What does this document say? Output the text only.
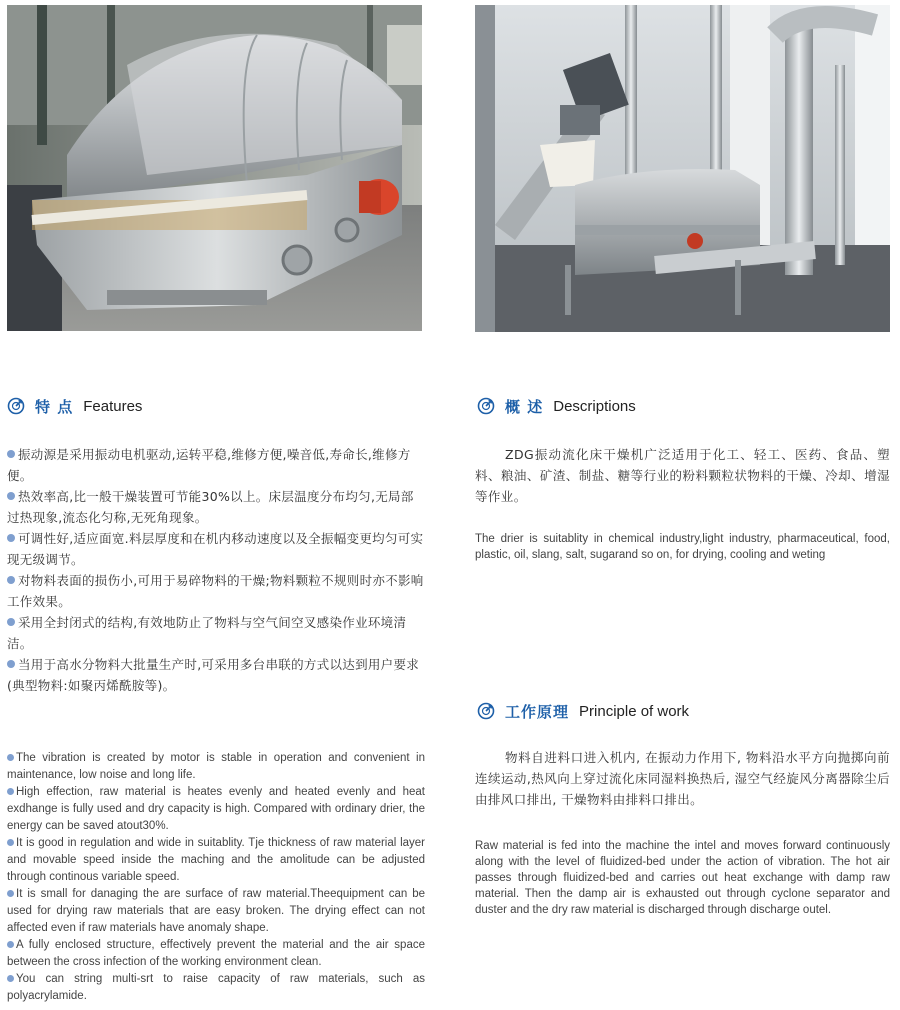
特 点 Features
振动源是采用振动电机驱动,运转平稳,维修方便,噪音低,寿命长,维修方便。
热效率高,比一般干燥装置可节能30%以上。床层温度分布均匀,无局部过热现象,流态化匀称,无死角现象。
可调性好,适应面宽.料层厚度和在机内移动速度以及全振幅变更均匀可实现无级调节。
对物料表面的损伤小,可用于易碎物料的干燥;物料颗粒不规则时亦不影响工作效果。
采用全封闭式的结构,有效地防止了物料与空气间空叉感染作业环境清洁。
当用于高水分物料大批量生产时,可采用多台串联的方式以达到用户要求(典型物料:如聚丙烯酰胺等)。
The vibration is created by motor is stable in operation and convenient in maintenance, low noise and long life.
High effection, raw material is heates evenly and heated evenly and heat exdhange is fully used and dry capacity is high. Compared with ordinary drier, the energy can be saved atout30%.
It is good in regulation and wide in suitablity. Tje thickness of raw material layer and movable speed inside the maching and the amolitude can be adjusted through continous variable speed.
It is small for danaging the are surface of raw material.Theequipment can be used for drying raw materials that are easy broken. The drying effect can not affected even if raw materials have anomaly shape.
A fully enclosed structure, effectively prevent the material and the air space between the cross infection of the working environment clean.
You can string multi-srt to raise capacity of raw materials, such as polyacrylamide.
概 述 Descriptions

ZDG振动流化床干燥机广泛适用于化工、轻工、医药、食品、塑料、粮油、矿渣、制盐、糖等行业的粉料颗粒状物料的干燥、冷却、增湿等作业。

The drier is suitablity in chemical industry,light industry, pharmaceutical, food, plastic, oil, slang, salt, sugarand so on, for drying, cooling and weting

工作原理 Principle of work

物料自进料口进入机内, 在振动力作用下, 物料沿水平方向抛掷向前连续运动,热风向上穿过流化床同湿料换热后, 湿空气经旋风分离器除尘后由排风口排出, 干燥物料由排料口排出。

Raw material is fed into the machine the intel and moves forward continuously along with the level of fluidized-bed under the action of vibration. The hot air passes through fluidized-bed and carries out heat exchange with damp raw material. Then the damp air is exhausted out through cyclone separator and duster and the dry raw material is discharged through discharge outel.
